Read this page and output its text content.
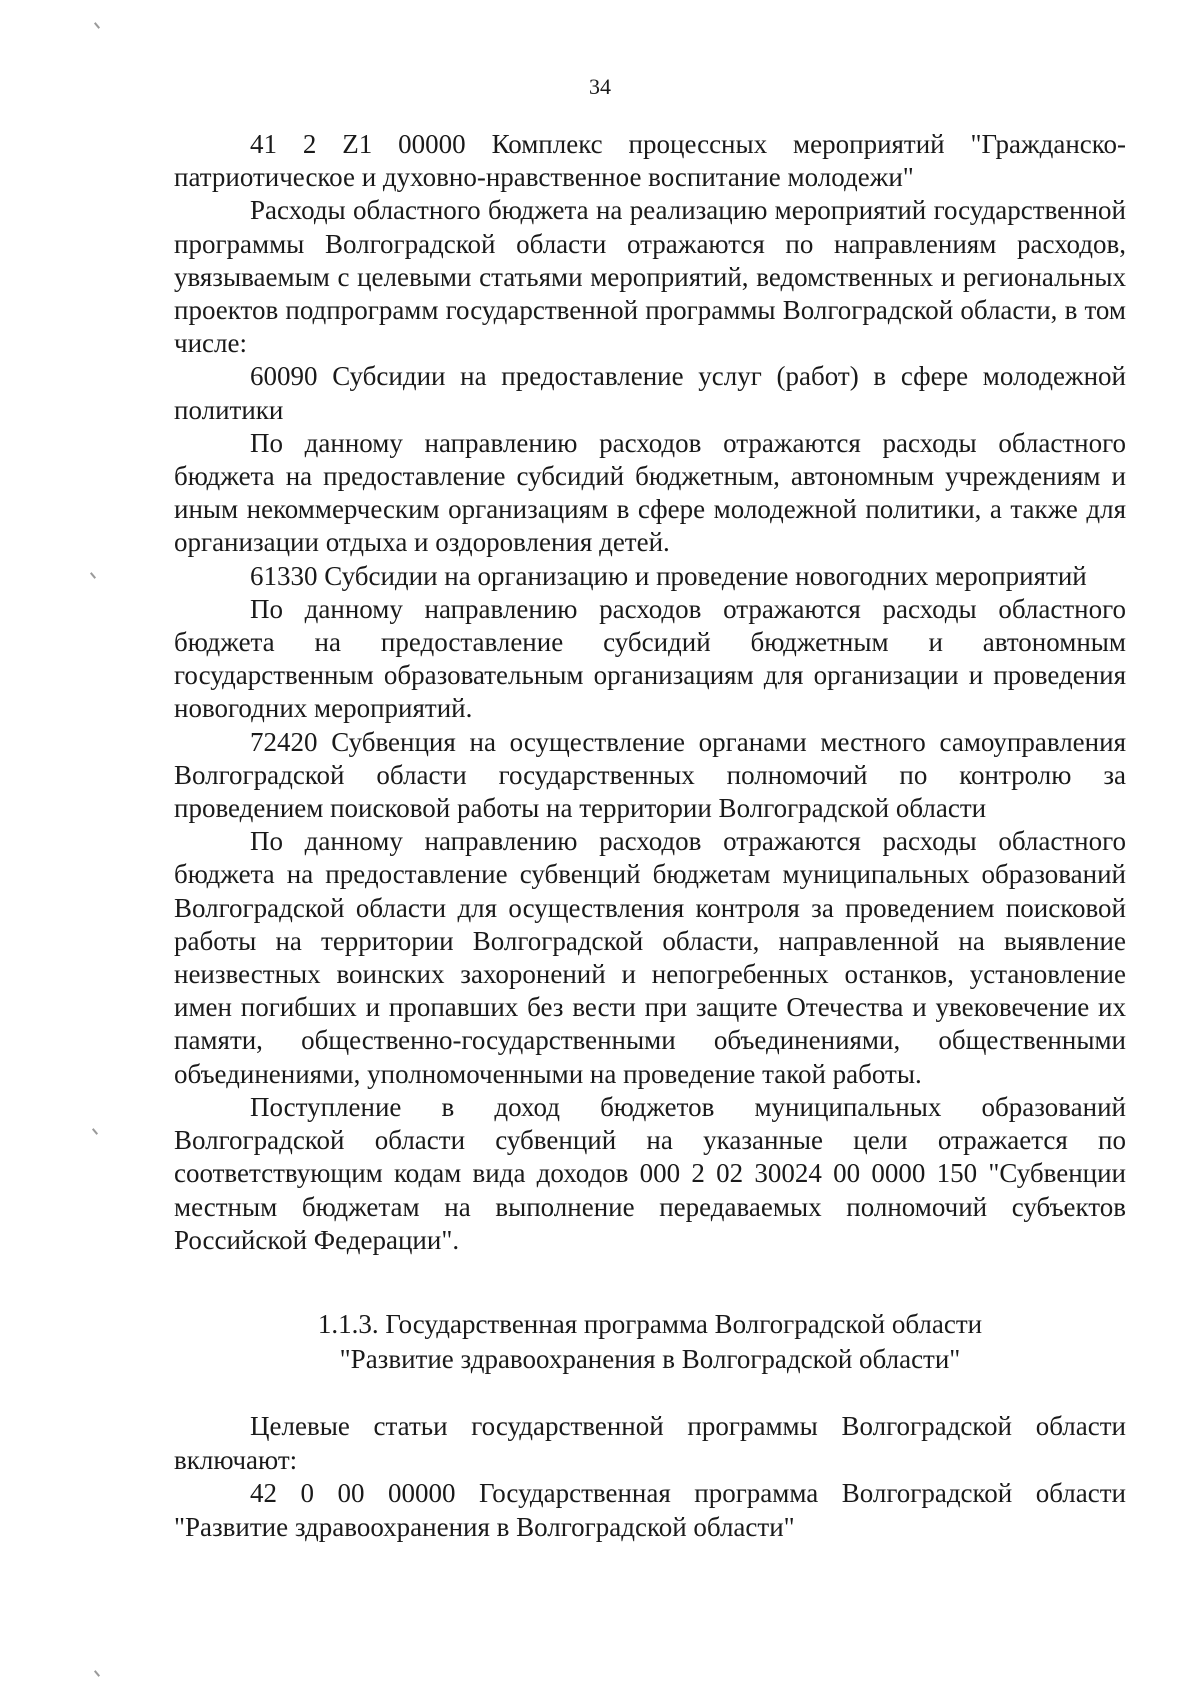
34

41 2 Z1 00000 Комплекс процессных мероприятий "Гражданско-патриотическое и духовно-нравственное воспитание молодежи"

Расходы областного бюджета на реализацию мероприятий государственной программы Волгоградской области отражаются по направлениям расходов, увязываемым с целевыми статьями мероприятий, ведомственных и региональных проектов подпрограмм государственной программы Волгоградской области, в том числе:

60090 Субсидии на предоставление услуг (работ) в сфере молодежной политики

По данному направлению расходов отражаются расходы областного бюджета на предоставление субсидий бюджетным, автономным учреждениям и иным некоммерческим организациям в сфере молодежной политики, а также для организации отдыха и оздоровления детей.

61330 Субсидии на организацию и проведение новогодних мероприятий

По данному направлению расходов отражаются расходы областного бюджета на предоставление субсидий бюджетным и автономным государственным образовательным организациям для организации и проведения новогодних мероприятий.

72420 Субвенция на осуществление органами местного самоуправления Волгоградской области государственных полномочий по контролю за проведением поисковой работы на территории Волгоградской области

По данному направлению расходов отражаются расходы областного бюджета на предоставление субвенций бюджетам муниципальных образований Волгоградской области для осуществления контроля за проведением поисковой работы на территории Волгоградской области, направленной на выявление неизвестных воинских захоронений и непогребенных останков, установление имен погибших и пропавших без вести при защите Отечества и увековечение их памяти, общественно-государственными объединениями, общественными объединениями, уполномоченными на проведение такой работы.

Поступление в доход бюджетов муниципальных образований Волгоградской области субвенций на указанные цели отражается по соответствующим кодам вида доходов 000 2 02 30024 00 0000 150 "Субвенции местным бюджетам на выполнение передаваемых полномочий субъектов Российской Федерации".

1.1.3. Государственная программа Волгоградской области
"Развитие здравоохранения в Волгоградской области"

Целевые статьи государственной программы Волгоградской области включают:

42 0 00 00000 Государственная программа Волгоградской области "Развитие здравоохранения в Волгоградской области"
